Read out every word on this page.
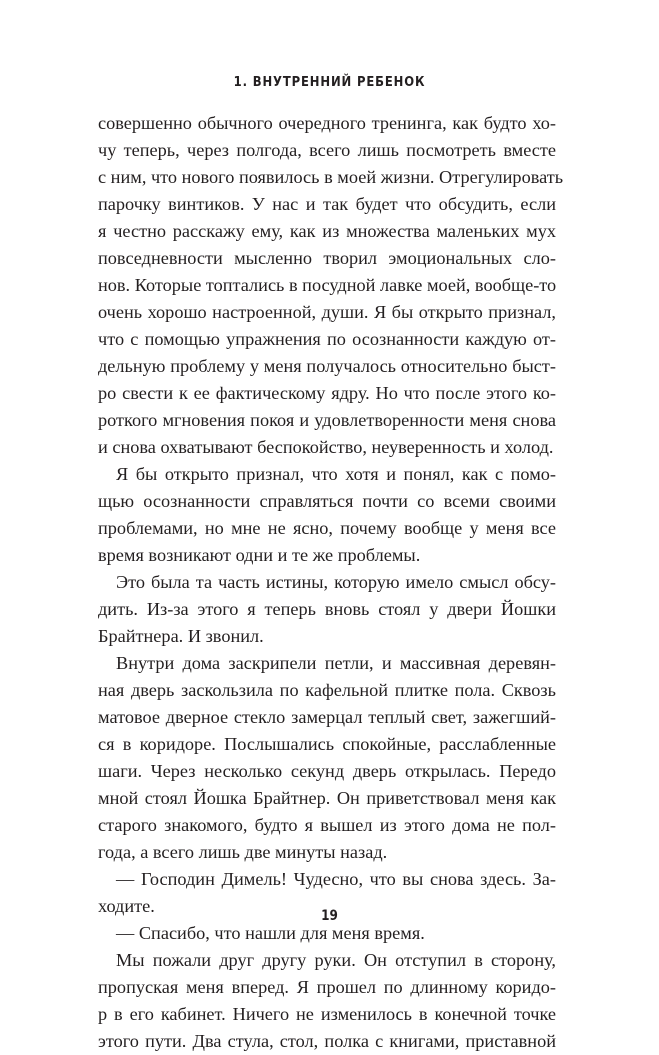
1. ВНУТРЕННИЙ РЕБЕНОК
совершенно обычного очередного тренинга, как будто хо-
чу теперь, через полгода, всего лишь посмотреть вместе
с ним, что нового появилось в моей жизни. Отрегулировать
парочку винтиков. У нас и так будет что обсудить, если
я честно расскажу ему, как из множества маленьких мух
повседневности мысленно творил эмоциональных сло-
нов. Которые топтались в посудной лавке моей, вообще-то
очень хорошо настроенной, души. Я бы открыто признал,
что с помощью упражнения по осознанности каждую от-
дельную проблему у меня получалось относительно быст-
ро свести к ее фактическому ядру. Но что после этого ко-
роткого мгновения покоя и удовлетворенности меня снова
и снова охватывают беспокойство, неуверенность и холод.
Я бы открыто признал, что хотя и понял, как с помо-
щью осознанности справляться почти со всеми своими
проблемами, но мне не ясно, почему вообще у меня все
время возникают одни и те же проблемы.
Это была та часть истины, которую имело смысл обсу-
дить. Из-за этого я теперь вновь стоял у двери Йошки
Брайтнера. И звонил.
Внутри дома заскрипели петли, и массивная деревян-
ная дверь заскользила по кафельной плитке пола. Сквозь
матовое дверное стекло замерцал теплый свет, зажегший-
ся в коридоре. Послышались спокойные, расслабленные
шаги. Через несколько секунд дверь открылась. Передо
мной стоял Йошка Брайтнер. Он приветствовал меня как
старого знакомого, будто я вышел из этого дома не пол-
года, а всего лишь две минуты назад.
— Господин Димель! Чудесно, что вы снова здесь. За-
ходите.
— Спасибо, что нашли для меня время.
Мы пожали друг другу руки. Он отступил в сторону,
пропуская меня вперед. Я прошел по длинному коридо-
р в его кабинет. Ничего не изменилось в конечной точке
этого пути. Два стула, стол, полка с книгами, приставной
19
